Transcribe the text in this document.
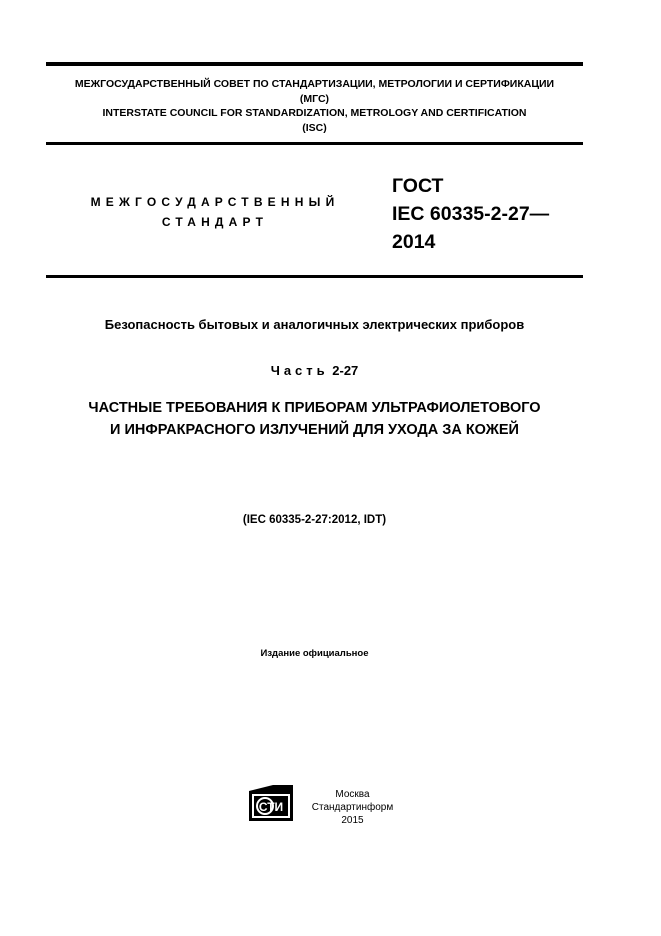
МЕЖГОСУДАРСТВЕННЫЙ СОВЕТ ПО СТАНДАРТИЗАЦИИ, МЕТРОЛОГИИ И СЕРТИФИКАЦИИ
(МГС)
INTERSTATE COUNCIL FOR STANDARDIZATION, METROLOGY AND CERTIFICATION
(ISC)
МЕЖГОСУДАРСТВЕННЫЙ
СТАНДАРТ
ГОСТ
IEC 60335-2-27—
2014
Безопасность бытовых и аналогичных электрических приборов
Часть 2-27
ЧАСТНЫЕ ТРЕБОВАНИЯ К ПРИБОРАМ УЛЬТРАФИОЛЕТОВОГО
И ИНФРАКРАСНОГО ИЗЛУЧЕНИЙ ДЛЯ УХОДА ЗА КОЖЕЙ
(IEC 60335-2-27:2012, IDT)
Издание официальное
СТИ
Москва
Стандартинформ
2015
